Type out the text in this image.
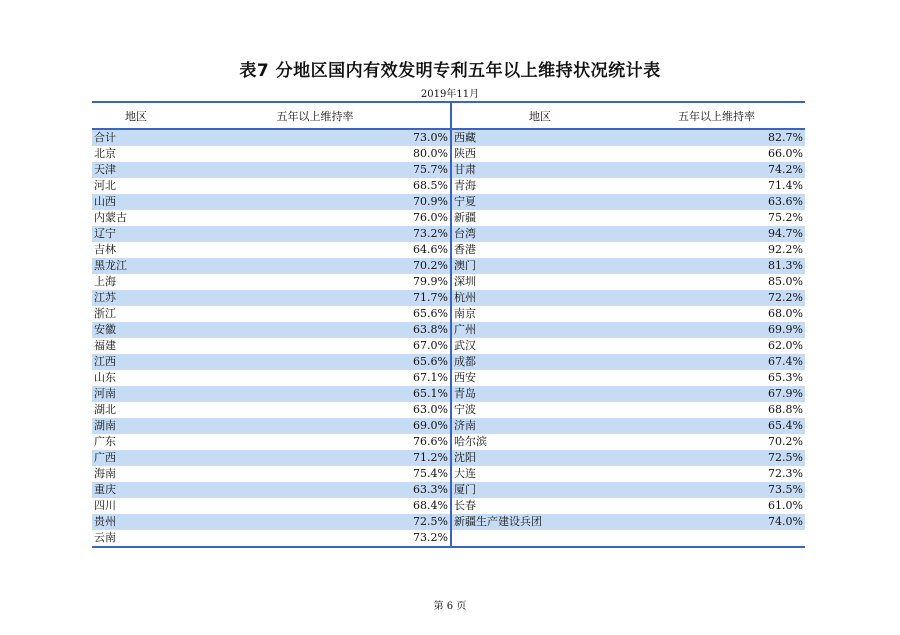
表7 分地区国内有效发明专利五年以上维持状况统计表
2019年11月
地区	五年以上维持率	地区	五年以上维持率
合计	73.0%	西藏	82.7%
北京	80.0%	陕西	66.0%
天津	75.7%	甘肃	74.2%
河北	68.5%	青海	71.4%
山西	70.9%	宁夏	63.6%
内蒙古	76.0%	新疆	75.2%
辽宁	73.2%	台湾	94.7%
吉林	64.6%	香港	92.2%
黑龙江	70.2%	澳门	81.3%
上海	79.9%	深圳	85.0%
江苏	71.7%	杭州	72.2%
浙江	65.6%	南京	68.0%
安徽	63.8%	广州	69.9%
福建	67.0%	武汉	62.0%
江西	65.6%	成都	67.4%
山东	67.1%	西安	65.3%
河南	65.1%	青岛	67.9%
湖北	63.0%	宁波	68.8%
湖南	69.0%	济南	65.4%
广东	76.6%	哈尔滨	70.2%
广西	71.2%	沈阳	72.5%
海南	75.4%	大连	72.3%
重庆	63.3%	厦门	73.5%
四川	68.4%	长春	61.0%
贵州	72.5%	新疆生产建设兵团	74.0%
云南	73.2%		
第 6 页
